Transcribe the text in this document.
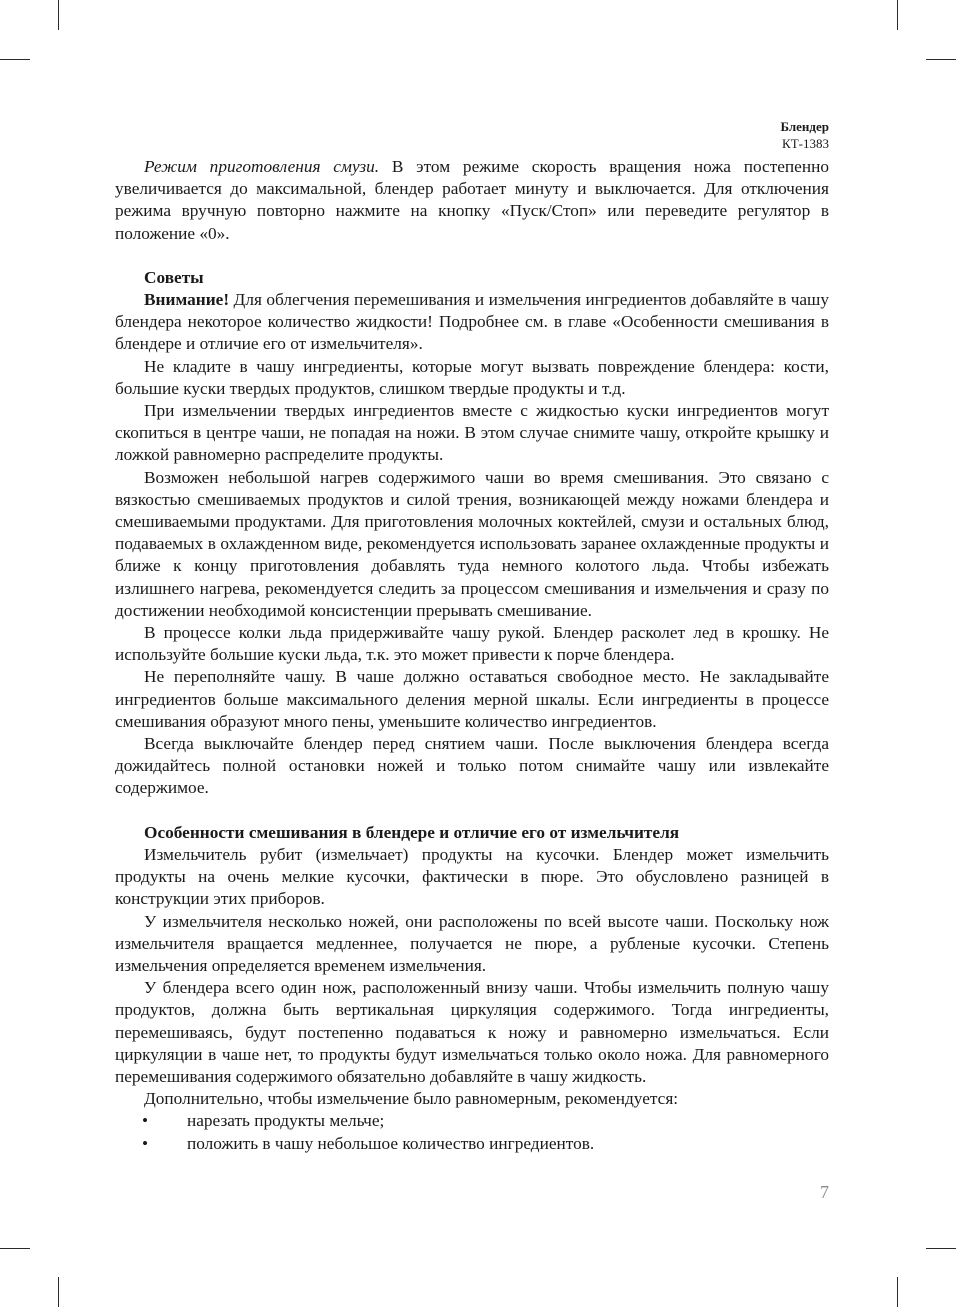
Блендер
КТ-1383

Режим приготовления смузи. В этом режиме скорость вращения ножа постепенно увеличивается до максимальной, блендер работает минуту и выключается. Для отключения режима вручную повторно нажмите на кнопку «Пуск/Стоп» или переведите регулятор в положение «0».

Советы

Внимание! Для облегчения перемешивания и измельчения ингредиентов добавляйте в чашу блендера некоторое количество жидкости! Подробнее см. в главе «Особенности смешивания в блендере и отличие его от измельчителя».

Не кладите в чашу ингредиенты, которые могут вызвать повреждение блендера: кости, большие куски твердых продуктов, слишком твердые продукты и т.д.

При измельчении твердых ингредиентов вместе с жидкостью куски ингредиентов могут скопиться в центре чаши, не попадая на ножи. В этом случае снимите чашу, откройте крышку и ложкой равномерно распределите продукты.

Возможен небольшой нагрев содержимого чаши во время смешивания. Это связано с вязкостью смешиваемых продуктов и силой трения, возникающей между ножами блендера и смешиваемыми продуктами. Для приготовления молочных коктейлей, смузи и остальных блюд, подаваемых в охлажденном виде, рекомендуется использовать заранее охлажденные продукты и ближе к концу приготовления добавлять туда немного колотого льда. Чтобы избежать излишнего нагрева, рекомендуется следить за процессом смешивания и измельчения и сразу по достижении необходимой консистенции прерывать смешивание.

В процессе колки льда придерживайте чашу рукой. Блендер расколет лед в крошку. Не используйте большие куски льда, т.к. это может привести к порче блендера.

Не переполняйте чашу. В чаше должно оставаться свободное место. Не закладывайте ингредиентов больше максимального деления мерной шкалы. Если ингредиенты в процессе смешивания образуют много пены, уменьшите количество ингредиентов.

Всегда выключайте блендер перед снятием чаши. После выключения блендера всегда дожидайтесь полной остановки ножей и только потом снимайте чашу или извлекайте содержимое.

Особенности смешивания в блендере и отличие его от измельчителя

Измельчитель рубит (измельчает) продукты на кусочки. Блендер может измельчить продукты на очень мелкие кусочки, фактически в пюре. Это обусловлено разницей в конструкции этих приборов.

У измельчителя несколько ножей, они расположены по всей высоте чаши. Поскольку нож измельчителя вращается медленнее, получается не пюре, а рубленые кусочки. Степень измельчения определяется временем измельчения.

У блендера всего один нож, расположенный внизу чаши. Чтобы измельчить полную чашу продуктов, должна быть вертикальная циркуляция содержимого. Тогда ингредиенты, перемешиваясь, будут постепенно подаваться к ножу и равномерно измельчаться. Если циркуляции в чаше нет, то продукты будут измельчаться только около ножа. Для равномерного перемешивания содержимого обязательно добавляйте в чашу жидкость.

Дополнительно, чтобы измельчение было равномерным, рекомендуется:

• нарезать продукты мельче;
• положить в чашу небольшое количество ингредиентов.
7
